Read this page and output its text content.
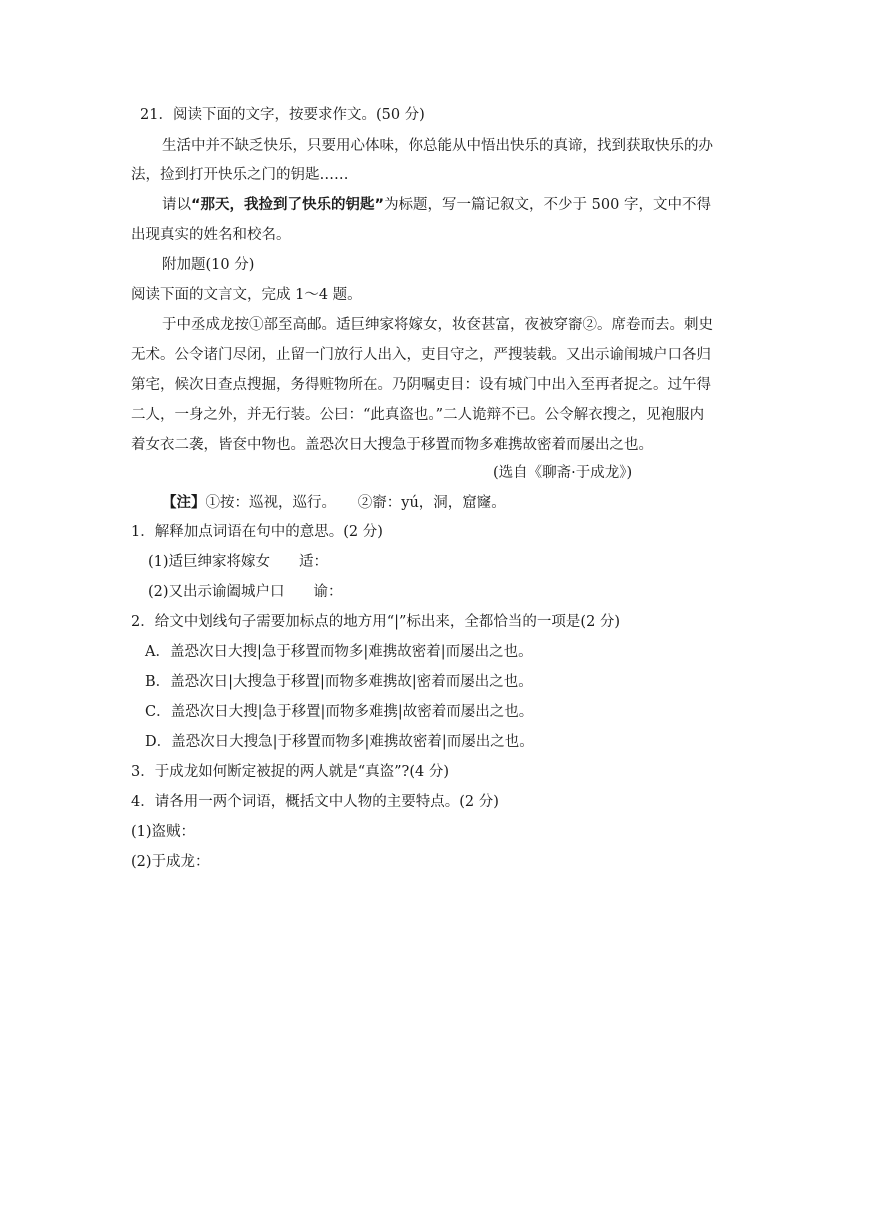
21．阅读下面的文字，按要求作文。(50 分)
生活中并不缺乏快乐，只要用心体味，你总能从中悟出快乐的真谛，找到获取快乐的办
法，捡到打开快乐之门的钥匙……
请以“那天，我捡到了快乐的钥匙”为标题，写一篇记叙文，不少于 500 字，文中不得
出现真实的姓名和校名。
附加题(10 分)
阅读下面的文言文，完成 1～4 题。
于中丞成龙按①部至高邮。适巨绅家将嫁女，妆奁甚富，夜被穿窬②。席卷而去。刺史
无术。公令诸门尽闭，止留一门放行人出入，吏目守之，严搜装载。又出示谕闱城户口各归
第宅，候次日查点搜掘，务得赃物所在。乃阴嘱吏目：设有城门中出入至再者捉之。过午得
二人，一身之外，并无行装。公曰：“此真盗也。”二人诡辩不已。公令解衣搜之，见袍服内
着女衣二袭，皆奁中物也。盖恐次日大搜急于移置而物多难携故密着而屡出之也。
(选自《聊斋·于成龙》)
【注】①按：巡视，巡行。　　②窬：yú，洞，窟窿。
1．解释加点词语在句中的意思。(2 分)
(1)适巨绅家将嫁女　　适：
(2)又出示谕阖城户口　　谕：
2．给文中划线句子需要加标点的地方用“|”标出来，全都恰当的一项是(2 分)
A．盖恐次日大搜|急于移置而物多|难携故密着|而屡出之也。
B．盖恐次日|大搜急于移置|而物多难携故|密着而屡出之也。
C．盖恐次日大搜|急于移置|而物多难携|故密着而屡出之也。
D．盖恐次日大搜急|于移置而物多|难携故密着|而屡出之也。
3．于成龙如何断定被捉的两人就是“真盗”?(4 分)
4．请各用一两个词语，概括文中人物的主要特点。(2 分)
(1)盗贼：
(2)于成龙：
